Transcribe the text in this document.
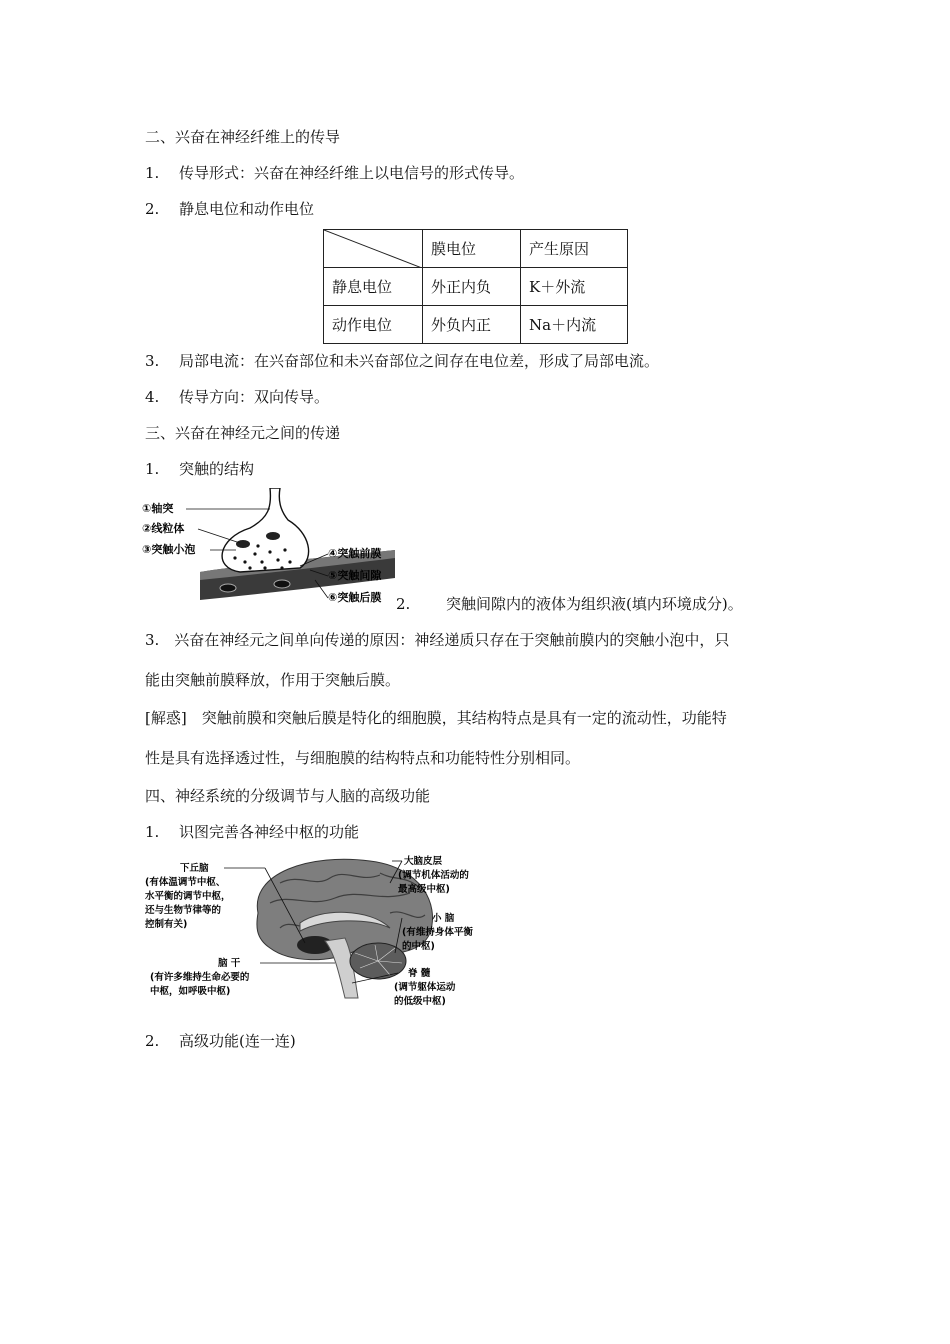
二、兴奋在神经纤维上的传导
1. 传导形式：兴奋在神经纤维上以电信号的形式传导。
2. 静息电位和动作电位
	膜电位	产生原因
静息电位	外正内负	K＋外流
动作电位	外负内正	Na＋内流
3. 局部电流：在兴奋部位和未兴奋部位之间存在电位差，形成了局部电流。
4. 传导方向：双向传导。
三、兴奋在神经元之间的传递
1. 突触的结构
①轴突
②线粒体
③突触小泡	④突触前膜
⑤突触间隙
⑥突触后膜 2. 突触间隙内的液体为组织液(填内环境成分)。
3.　兴奋在神经元之间单向传递的原因：神经递质只存在于突触前膜内的突触小泡中，只
能由突触前膜释放，作用于突触后膜。
[解惑]　突触前膜和突触后膜是特化的细胞膜，其结构特点是具有一定的流动性，功能特
性是具有选择透过性，与细胞膜的结构特点和功能特性分别相同。
四、神经系统的分级调节与人脑的高级功能
1. 识图完善各神经中枢的功能
下丘脑
(有体温调节中枢、
水平衡的调节中枢，
还与生物节律等的
控制有关)
脑 干
(有许多维持生命必要的
中枢，如呼吸中枢)
大脑皮层
(调节机体活动的
最高级中枢)
小 脑
(有维持身体平衡
的中枢)
脊 髓
(调节躯体运动
的低级中枢)
2. 高级功能(连一连)
